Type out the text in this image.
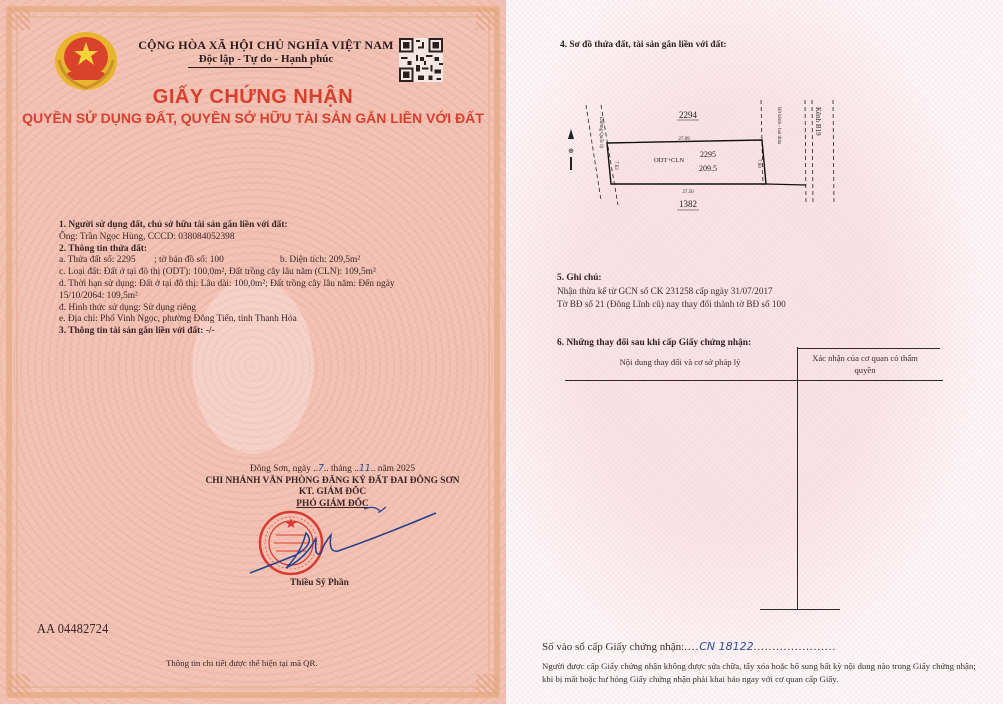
CỘNG HÒA XÃ HỘI CHỦ NGHĨA VIỆT NAM
Độc lập - Tự do - Hạnh phúc
GIẤY CHỨNG NHẬN
QUYỀN SỬ DỤNG ĐẤT, QUYỀN SỞ HỮU TÀI SẢN GẮN LIỀN VỚI ĐẤT
1. Người sử dụng đất, chủ sở hữu tài sản gắn liền với đất:
Ông: Trần Ngọc Hùng, CCCD: 038084052398
2. Thông tin thửa đất:
a. Thửa đất số: 2295 ; tờ bản đồ số: 100	b. Diện tích: 209,5m²
c. Loại đất: Đất ở tại đô thị (ODT): 100,0m², Đất trồng cây lâu năm (CLN): 109,5m²
d. Thời hạn sử dụng: Đất ở tại đô thị: Lâu dài: 100,0m²; Đất trồng cây lâu năm: Đến ngày 15/10/2064: 109,5m²
đ. Hình thức sử dụng: Sử dụng riêng
e. Địa chỉ: Phố Vinh Ngọc, phường Đông Tiến, tỉnh Thanh Hóa
3. Thông tin tài sản gắn liền với đất: -/-
Đông Sơn, ngày ..7.. tháng ..11.. năm 2025
CHI NHÁNH VĂN PHÒNG ĐĂNG KÝ ĐẤT ĐAI ĐÔNG SƠN
KT. GIÁM ĐỐC
PHÓ GIÁM ĐỐC
Thiều Sỹ Phần
AA 04482724
Thông tin chi tiết được thể hiện tại mã QR.
4. Sơ đồ thửa đất, tài sản gắn liền với đất:
⊕
2294
1382
27.09
27.50
ODT+CLN
2295
209.5
Đường Quốc lộ
7.63	7.60
Bờ kênh - hai thửa	Kênh B19
5. Ghi chú:
Nhận thừa kế từ GCN số CK 231258 cấp ngày 31/07/2017
Tờ BĐ số 21 (Đông Lĩnh cũ) nay thay đổi thành tờ BĐ số 100
6. Những thay đổi sau khi cấp Giấy chứng nhận:
Nội dung thay đổi và cơ sở pháp lý	Xác nhận của cơ quan có thẩm quyền
Số vào sổ cấp Giấy chứng nhận:....CN 18122......................
Người được cấp Giấy chứng nhận không được sửa chữa, tẩy xóa hoặc bổ sung bất kỳ nội dung nào trong Giấy chứng nhận; khi bị mất hoặc hư hỏng Giấy chứng nhận phải khai báo ngay với cơ quan cấp Giấy.
